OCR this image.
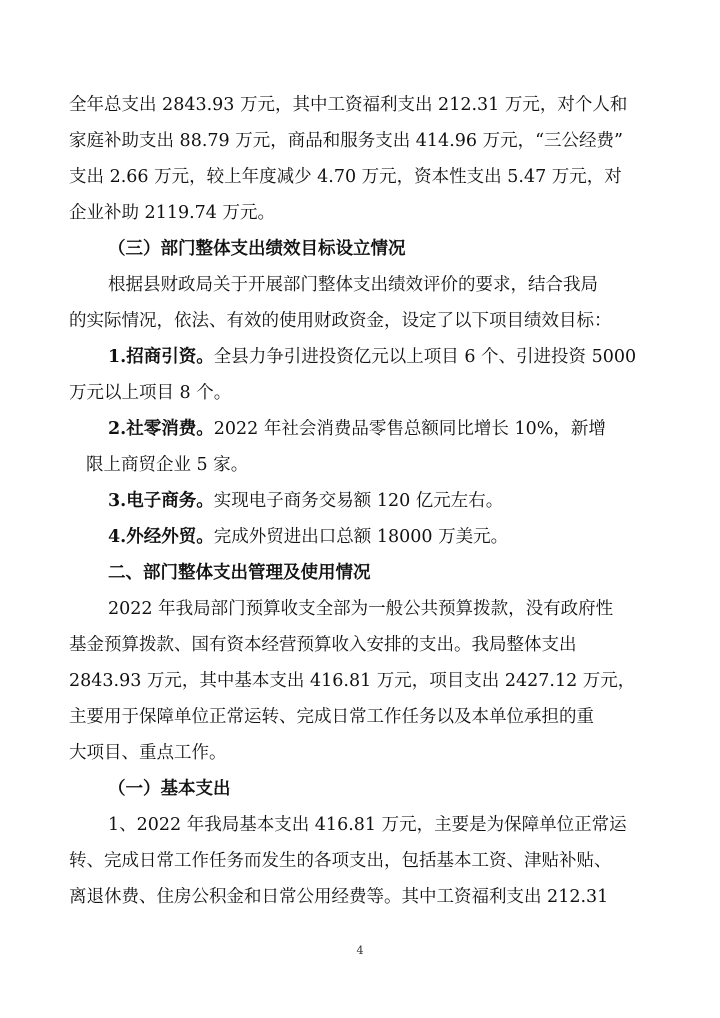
全年总支出 2843.93 万元，其中工资福利支出 212.31 万元，对个人和
家庭补助支出 88.79 万元，商品和服务支出 414.96 万元，“三公经费”
支出 2.66 万元，较上年度减少 4.70 万元，资本性支出 5.47 万元，对
企业补助 2119.74 万元。
（三）部门整体支出绩效目标设立情况
根据县财政局关于开展部门整体支出绩效评价的要求，结合我局
的实际情况，依法、有效的使用财政资金，设定了以下项目绩效目标：
1.招商引资。全县力争引进投资亿元以上项目 6 个、引进投资 5000
万元以上项目 8 个。
2.社零消费。2022 年社会消费品零售总额同比增长 10%，新增
限上商贸企业 5 家。
3.电子商务。实现电子商务交易额 120 亿元左右。
4.外经外贸。完成外贸进出口总额 18000 万美元。
二、部门整体支出管理及使用情况
2022 年我局部门预算收支全部为一般公共预算拨款，没有政府性
基金预算拨款、国有资本经营预算收入安排的支出。我局整体支出
2843.93 万元，其中基本支出 416.81 万元，项目支出 2427.12 万元，
主要用于保障单位正常运转、完成日常工作任务以及本单位承担的重
大项目、重点工作。
（一）基本支出
1、2022 年我局基本支出 416.81 万元，主要是为保障单位正常运
转、完成日常工作任务而发生的各项支出，包括基本工资、津贴补贴、
离退休费、住房公积金和日常公用经费等。其中工资福利支出 212.31
4
